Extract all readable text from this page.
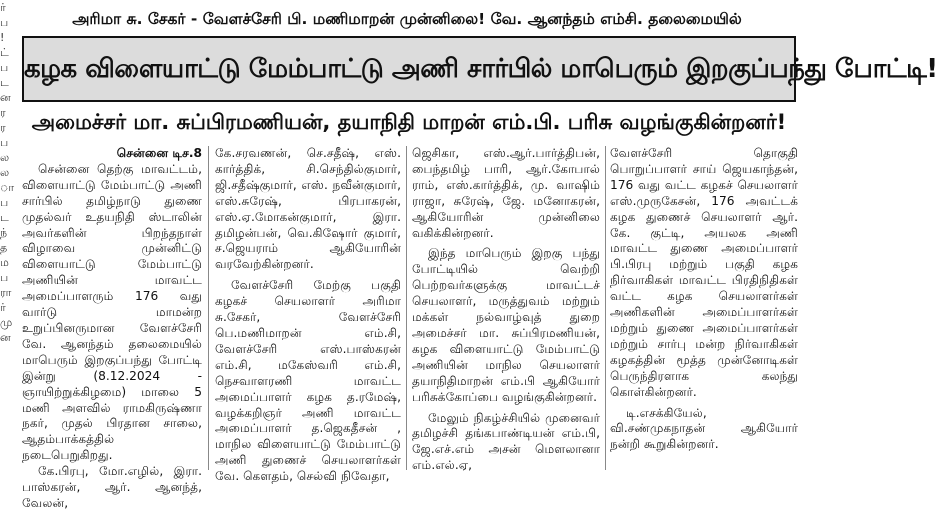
ர்
ப
!
ட்
ப
ட
ன
ர
ர
ப
ல
ல
ா
ப
ட
ந்
த
ம
ப
ரா
ர்
மு
ன
அரிமா சு. சேகர் - வேளச்சேரி பி. மணிமாறன் முன்னிலை! வே. ஆனந்தம் எம்சி. தலைமையில்
கழக விளையாட்டு மேம்பாட்டு அணி சார்பில் மாபெரும் இறகுப்பந்து போட்டி!
அமைச்சர் மா. சுப்பிரமணியன், தயாநிதி மாறன் எம்.பி. பரிசு வழங்குகின்றனர்!

சென்னை டிச.8

சென்னை தெற்கு மாவட்டம், விளையாட்டு மேம்பாட்டு அணி சார்பில் தமிழ்நாடு துணை முதல்வர் உதயநிதி ஸ்டாலின் அவர்களின் பிறந்தநாள் விழாவை முன்னிட்டு விளையாட்டு மேம்பாட்டு அணியின் மாவட்ட அமைப்பாளரும் 176 வது வார்டு மாமன்ற உறுப்பினருமான வேளச்சேரி வே. ஆனந்தம் தலைமையில் மாபெரும் இறகுப்பந்து போட்டி இன்று (8.12.2024 - ஞாயிற்றுக்கிழமை) மாலை 5 மணி அளவில் ராமகிருஷ்ணா நகர், முதல் பிரதான சாலை, ஆதம்பாக்கத்தில் நடைபெறுகிறது.

கே.பிரபு, மோ.எழில், இரா. பாஸ்கரன், ஆர். ஆனந்த், வேலன்,

கே.சரவணன், செ.சதீஷ், எஸ். கார்த்திக், சி.செந்தில்குமார், ஜி.சதீஷ்குமார், எஸ். நவீன்குமார், எஸ்.சுரேஷ், பிரபாகரன், எஸ்.ஏ.மோகன்குமார், இரா. தமிழன்பன், வெ.கிஷோர் குமார், ச.ஜெயராம் ஆகியோரின் வரவேற்கின்றனர்.

வேளச்சேரி மேற்கு பகுதி கழகச் செயலாளர் அரிமா சு.சேகர், வேளச்சேரி பெ.மணிமாறன் எம்.சி, வேளச்சேரி எஸ்.பாஸ்கரன் எம்.சி, மகேஸ்வரி எம்.சி, நெசவாளரணி மாவட்ட அமைப்பாளர் கழக த.ரமேஷ், வழக்கறிஞர் அணி மாவட்ட அமைப்பாளர் த.ஜெகதீசன் , மாநில விளையாட்டு மேம்பாட்டு அணி துணைச் செயலாளர்கள் வே. கௌதம், செல்வி நிவேதா,

ஜெசிகா, எஸ்.ஆர்.பார்த்திபன், பைந்தமிழ் பாரி, ஆர்.கோபால் ராம், எஸ்.கார்த்திக், மு. வாஷிம் ராஜா, சுரேஷ், ஜே. மனோகரன், ஆகியோரின் முன்னிலை வகிக்கின்றனர்.

இந்த மாபெரும் இறகு பந்து போட்டியில் வெற்றி பெற்றவர்களுக்கு மாவட்டச் செயலாளர், மருத்துவம் மற்றும் மக்கள் நல்வாழ்வுத் துறை அமைச்சர் மா. சுப்பிரமணியன், கழக விளையாட்டு மேம்பாட்டு அணியின் மாநில செயலாளர் தயாநிதிமாறன் எம்.பி ஆகியோர் பரிசுக்கோப்பை வழங்குகின்றனர்.

மேலும் நிகழ்ச்சியில் முனைவர் தமிழச்சி தங்கபாண்டியன் எம்.பி, ஜே.எச்.எம் அசன் மௌலானா எம்.எல்.ஏ,

வேளச்சேரி தொகுதி பொறுப்பாளர் சாய் ஜெயகாந்தன், 176 வது வட்ட கழகச் செயலாளர் எஸ்.முருகேசன், 176 அவட்டக் கழக துணைச் செயலாளர் ஆர். கே. குட்டி, அயலக அணி மாவட்ட துணை அமைப்பாளர் பி.பிரபு மற்றும் பகுதி கழக நிர்வாகிகள் மாவட்ட பிரதிநிதிகள் வட்ட கழக செயலாளர்கள் அணிகளின் அமைப்பாளர்கள் மற்றும் துணை அமைப்பாளர்கள் மற்றும் சார்பு மன்ற நிர்வாகிகள் கழகத்தின் மூத்த முன்னோடிகள் பெருந்திரளாக கலந்து கொள்கின்றனர்.

டி.எசக்கியேல், வி.சண்முகநாதன் ஆகியோர் நன்றி கூறுகின்றனர்.
